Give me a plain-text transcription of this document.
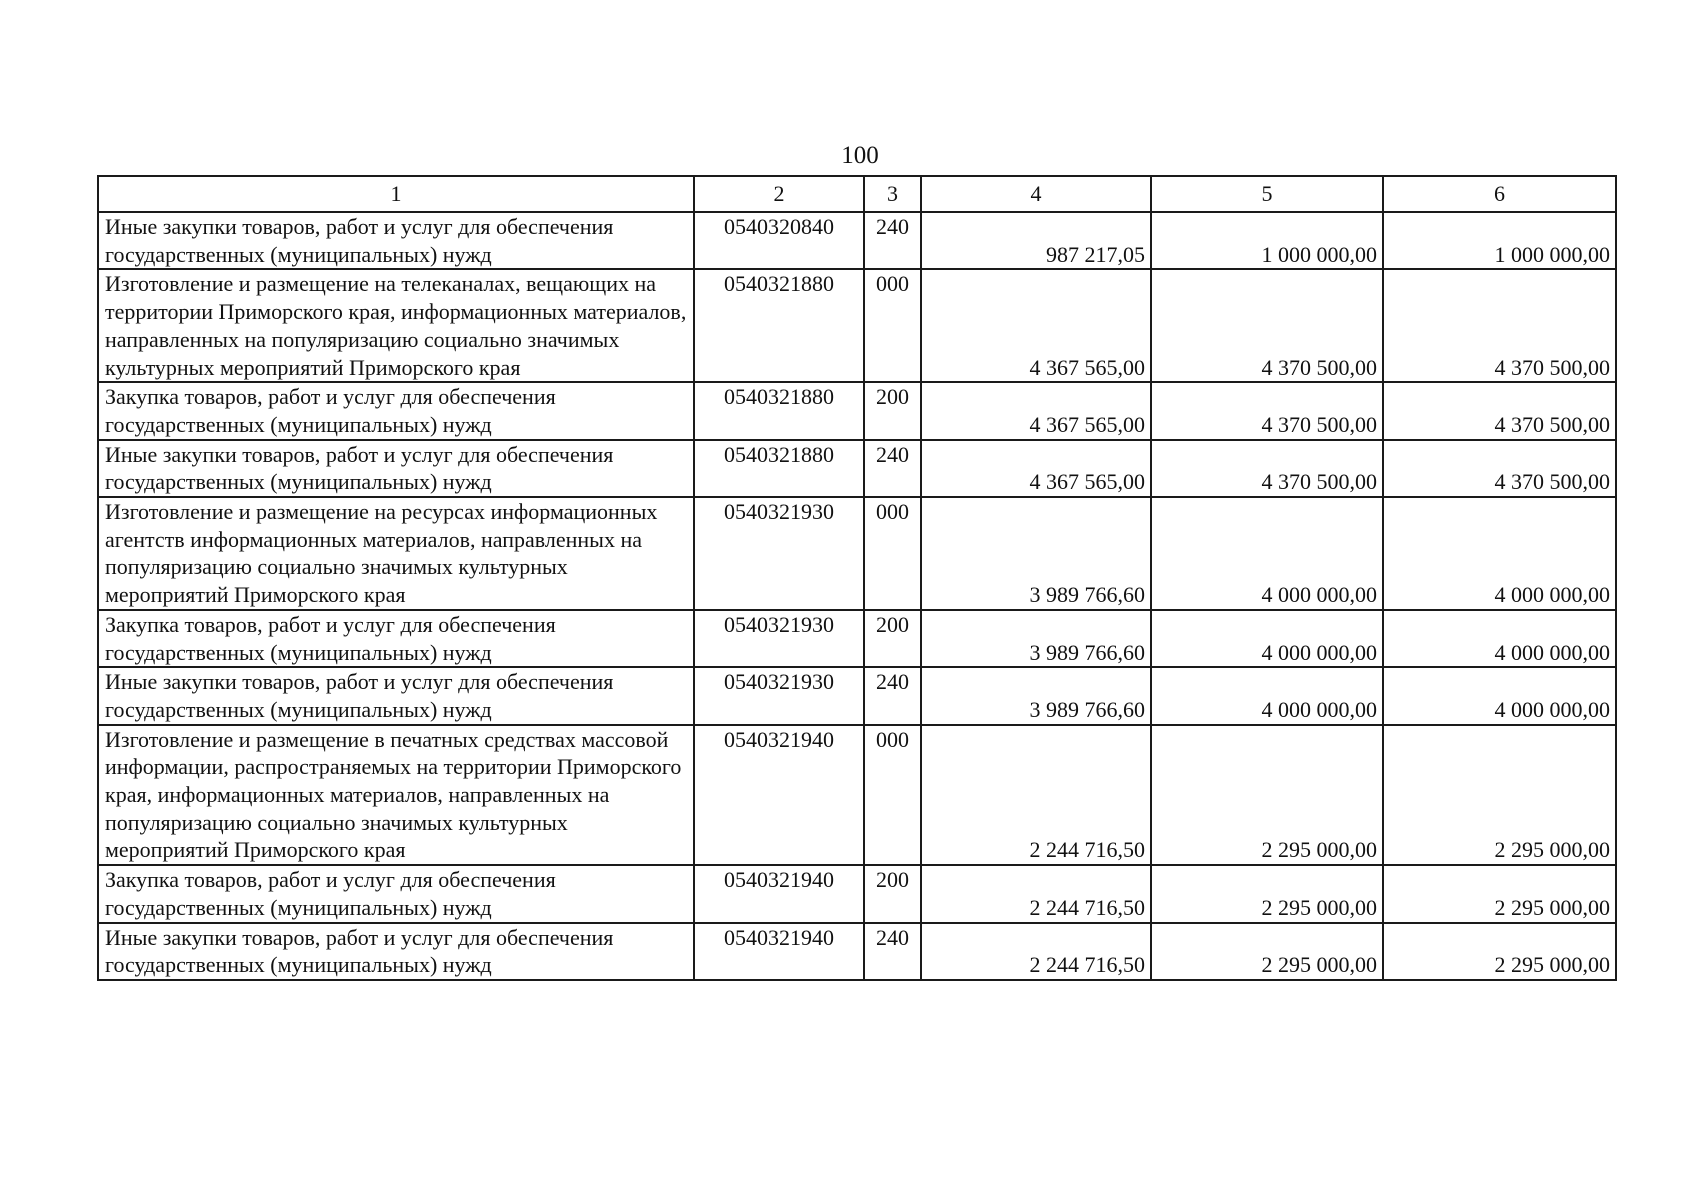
100
1	2	3	4	5	6
Иные закупки товаров, работ и услуг для обеспечения государственных (муниципальных) нужд	0540320840	240	987 217,05	1 000 000,00	1 000 000,00
Изготовление и размещение на телеканалах, вещающих на территории Приморского края, информационных материалов, направленных на популяризацию социально значимых культурных мероприятий Приморского края	0540321880	000	4 367 565,00	4 370 500,00	4 370 500,00
Закупка товаров, работ и услуг для обеспечения государственных (муниципальных) нужд	0540321880	200	4 367 565,00	4 370 500,00	4 370 500,00
Иные закупки товаров, работ и услуг для обеспечения государственных (муниципальных) нужд	0540321880	240	4 367 565,00	4 370 500,00	4 370 500,00
Изготовление и размещение на ресурсах информационных агентств информационных материалов, направленных на популяризацию социально значимых культурных мероприятий Приморского края	0540321930	000	3 989 766,60	4 000 000,00	4 000 000,00
Закупка товаров, работ и услуг для обеспечения государственных (муниципальных) нужд	0540321930	200	3 989 766,60	4 000 000,00	4 000 000,00
Иные закупки товаров, работ и услуг для обеспечения государственных (муниципальных) нужд	0540321930	240	3 989 766,60	4 000 000,00	4 000 000,00
Изготовление и размещение в печатных средствах массовой информации, распространяемых на территории Приморского края, информационных материалов, направленных на популяризацию социально значимых культурных мероприятий Приморского края	0540321940	000	2 244 716,50	2 295 000,00	2 295 000,00
Закупка товаров, работ и услуг для обеспечения государственных (муниципальных) нужд	0540321940	200	2 244 716,50	2 295 000,00	2 295 000,00
Иные закупки товаров, работ и услуг для обеспечения государственных (муниципальных) нужд	0540321940	240	2 244 716,50	2 295 000,00	2 295 000,00
